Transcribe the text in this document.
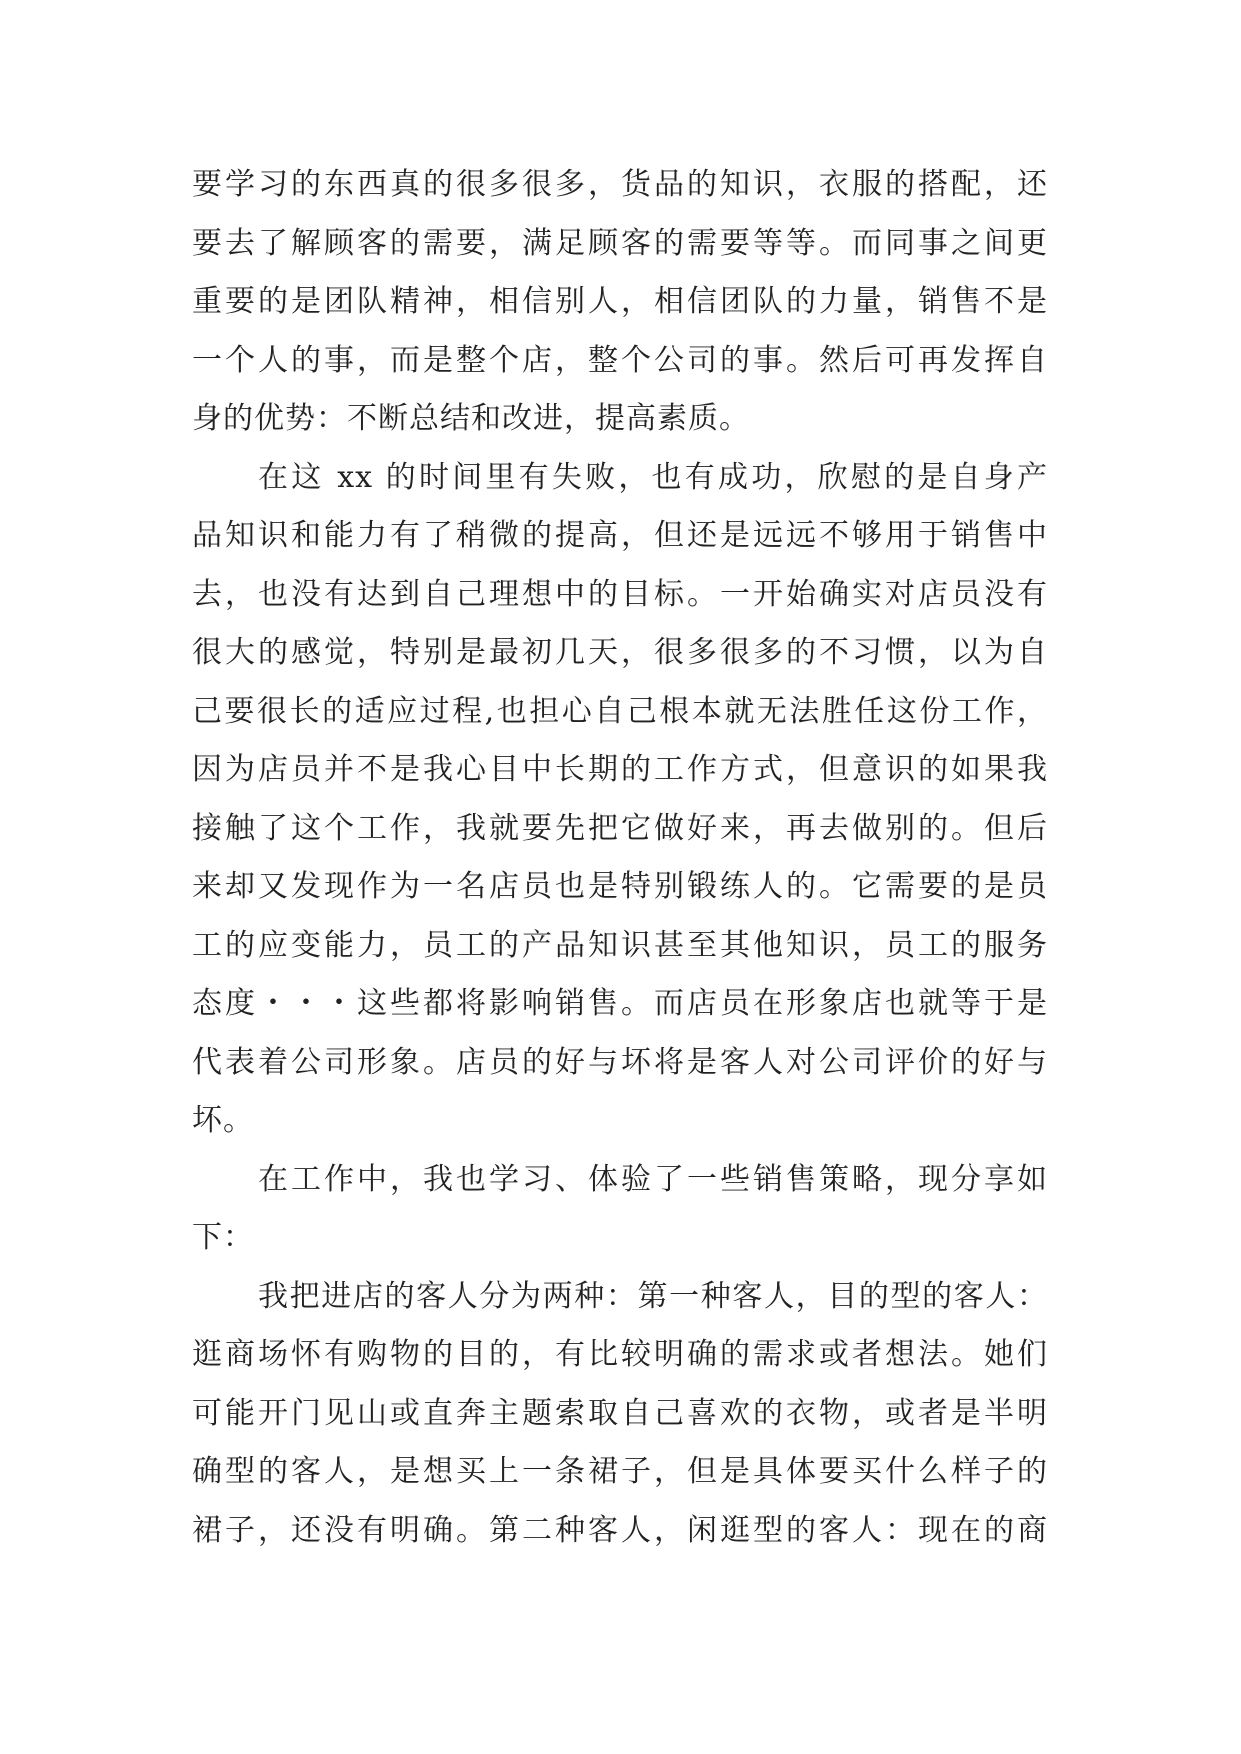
要学习的东西真的很多很多，货品的知识，衣服的搭配，还
要去了解顾客的需要，满足顾客的需要等等。而同事之间更
重要的是团队精神，相信别人，相信团队的力量，销售不是
一个人的事，而是整个店，整个公司的事。然后可再发挥自
身的优势：不断总结和改进，提高素质。
在这 xx 的时间里有失败，也有成功，欣慰的是自身产
品知识和能力有了稍微的提高，但还是远远不够用于销售中
去，也没有达到自己理想中的目标。一开始确实对店员没有
很大的感觉，特别是最初几天，很多很多的不习惯，以为自
己要很长的适应过程,也担心自己根本就无法胜任这份工作，
因为店员并不是我心目中长期的工作方式，但意识的如果我
接触了这个工作，我就要先把它做好来，再去做别的。但后
来却又发现作为一名店员也是特别锻练人的。它需要的是员
工的应变能力，员工的产品知识甚至其他知识，员工的服务
态度・・・这些都将影响销售。而店员在形象店也就等于是
代表着公司形象。店员的好与坏将是客人对公司评价的好与
坏。
在工作中，我也学习、体验了一些销售策略，现分享如
下：
我把进店的客人分为两种：第一种客人，目的型的客人：
逛商场怀有购物的目的，有比较明确的需求或者想法。她们
可能开门见山或直奔主题索取自己喜欢的衣物，或者是半明
确型的客人，是想买上一条裙子，但是具体要买什么样子的
裙子，还没有明确。第二种客人，闲逛型的客人：现在的商
